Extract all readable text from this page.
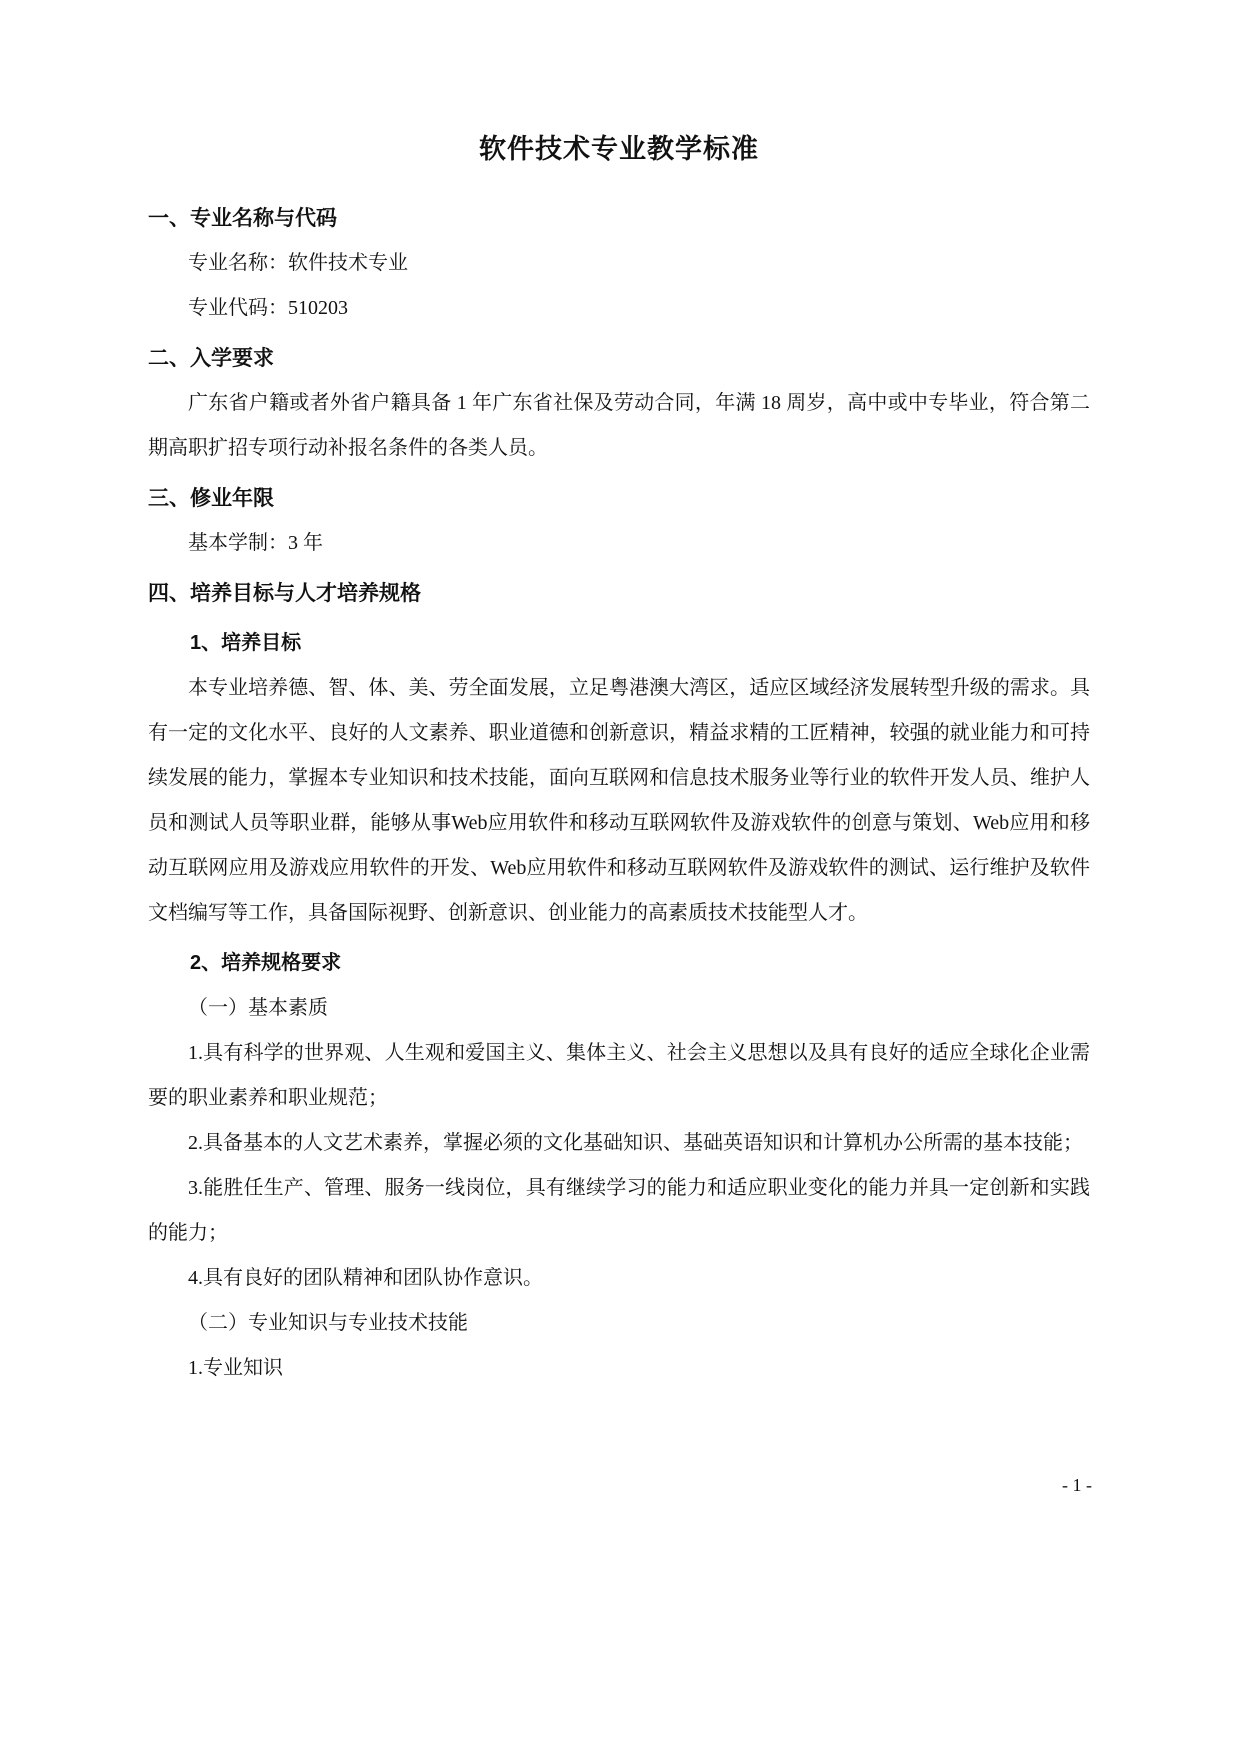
软件技术专业教学标准
一、专业名称与代码
专业名称：软件技术专业
专业代码：510203
二、入学要求
广东省户籍或者外省户籍具备 1 年广东省社保及劳动合同，年满 18 周岁，高中或中专毕业，符合第二期高职扩招专项行动补报名条件的各类人员。
三、修业年限
基本学制：3 年
四、培养目标与人才培养规格
1、培养目标
本专业培养德、智、体、美、劳全面发展，立足粤港澳大湾区，适应区域经济发展转型升级的需求。具有一定的文化水平、良好的人文素养、职业道德和创新意识，精益求精的工匠精神，较强的就业能力和可持续发展的能力，掌握本专业知识和技术技能，面向互联网和信息技术服务业等行业的软件开发人员、维护人员和测试人员等职业群，能够从事Web应用软件和移动互联网软件及游戏软件的创意与策划、Web应用和移动互联网应用及游戏应用软件的开发、Web应用软件和移动互联网软件及游戏软件的测试、运行维护及软件文档编写等工作，具备国际视野、创新意识、创业能力的高素质技术技能型人才。
2、培养规格要求
（一）基本素质
1.具有科学的世界观、人生观和爱国主义、集体主义、社会主义思想以及具有良好的适应全球化企业需要的职业素养和职业规范；
2.具备基本的人文艺术素养，掌握必须的文化基础知识、基础英语知识和计算机办公所需的基本技能；
3.能胜任生产、管理、服务一线岗位，具有继续学习的能力和适应职业变化的能力并具一定创新和实践的能力；
4.具有良好的团队精神和团队协作意识。
（二）专业知识与专业技术技能
1.专业知识
- 1 -
